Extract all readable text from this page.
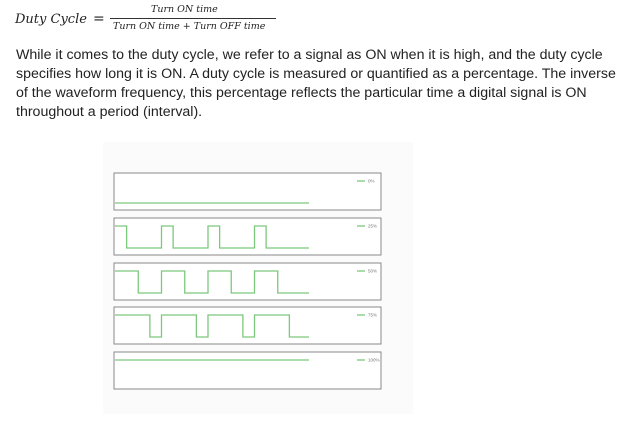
Duty Cycle =
Turn ON time
Turn ON time + Turn OFF time

While it comes to the duty cycle, we refer to a signal as ON when it is high, and the duty cycle specifies how long it is ON. A duty cycle is measured or quantified as a percentage. The inverse of the waveform frequency, this percentage reflects the particular time a digital signal is ON throughout a period (interval).

0%
25%
50%
75%
100%
